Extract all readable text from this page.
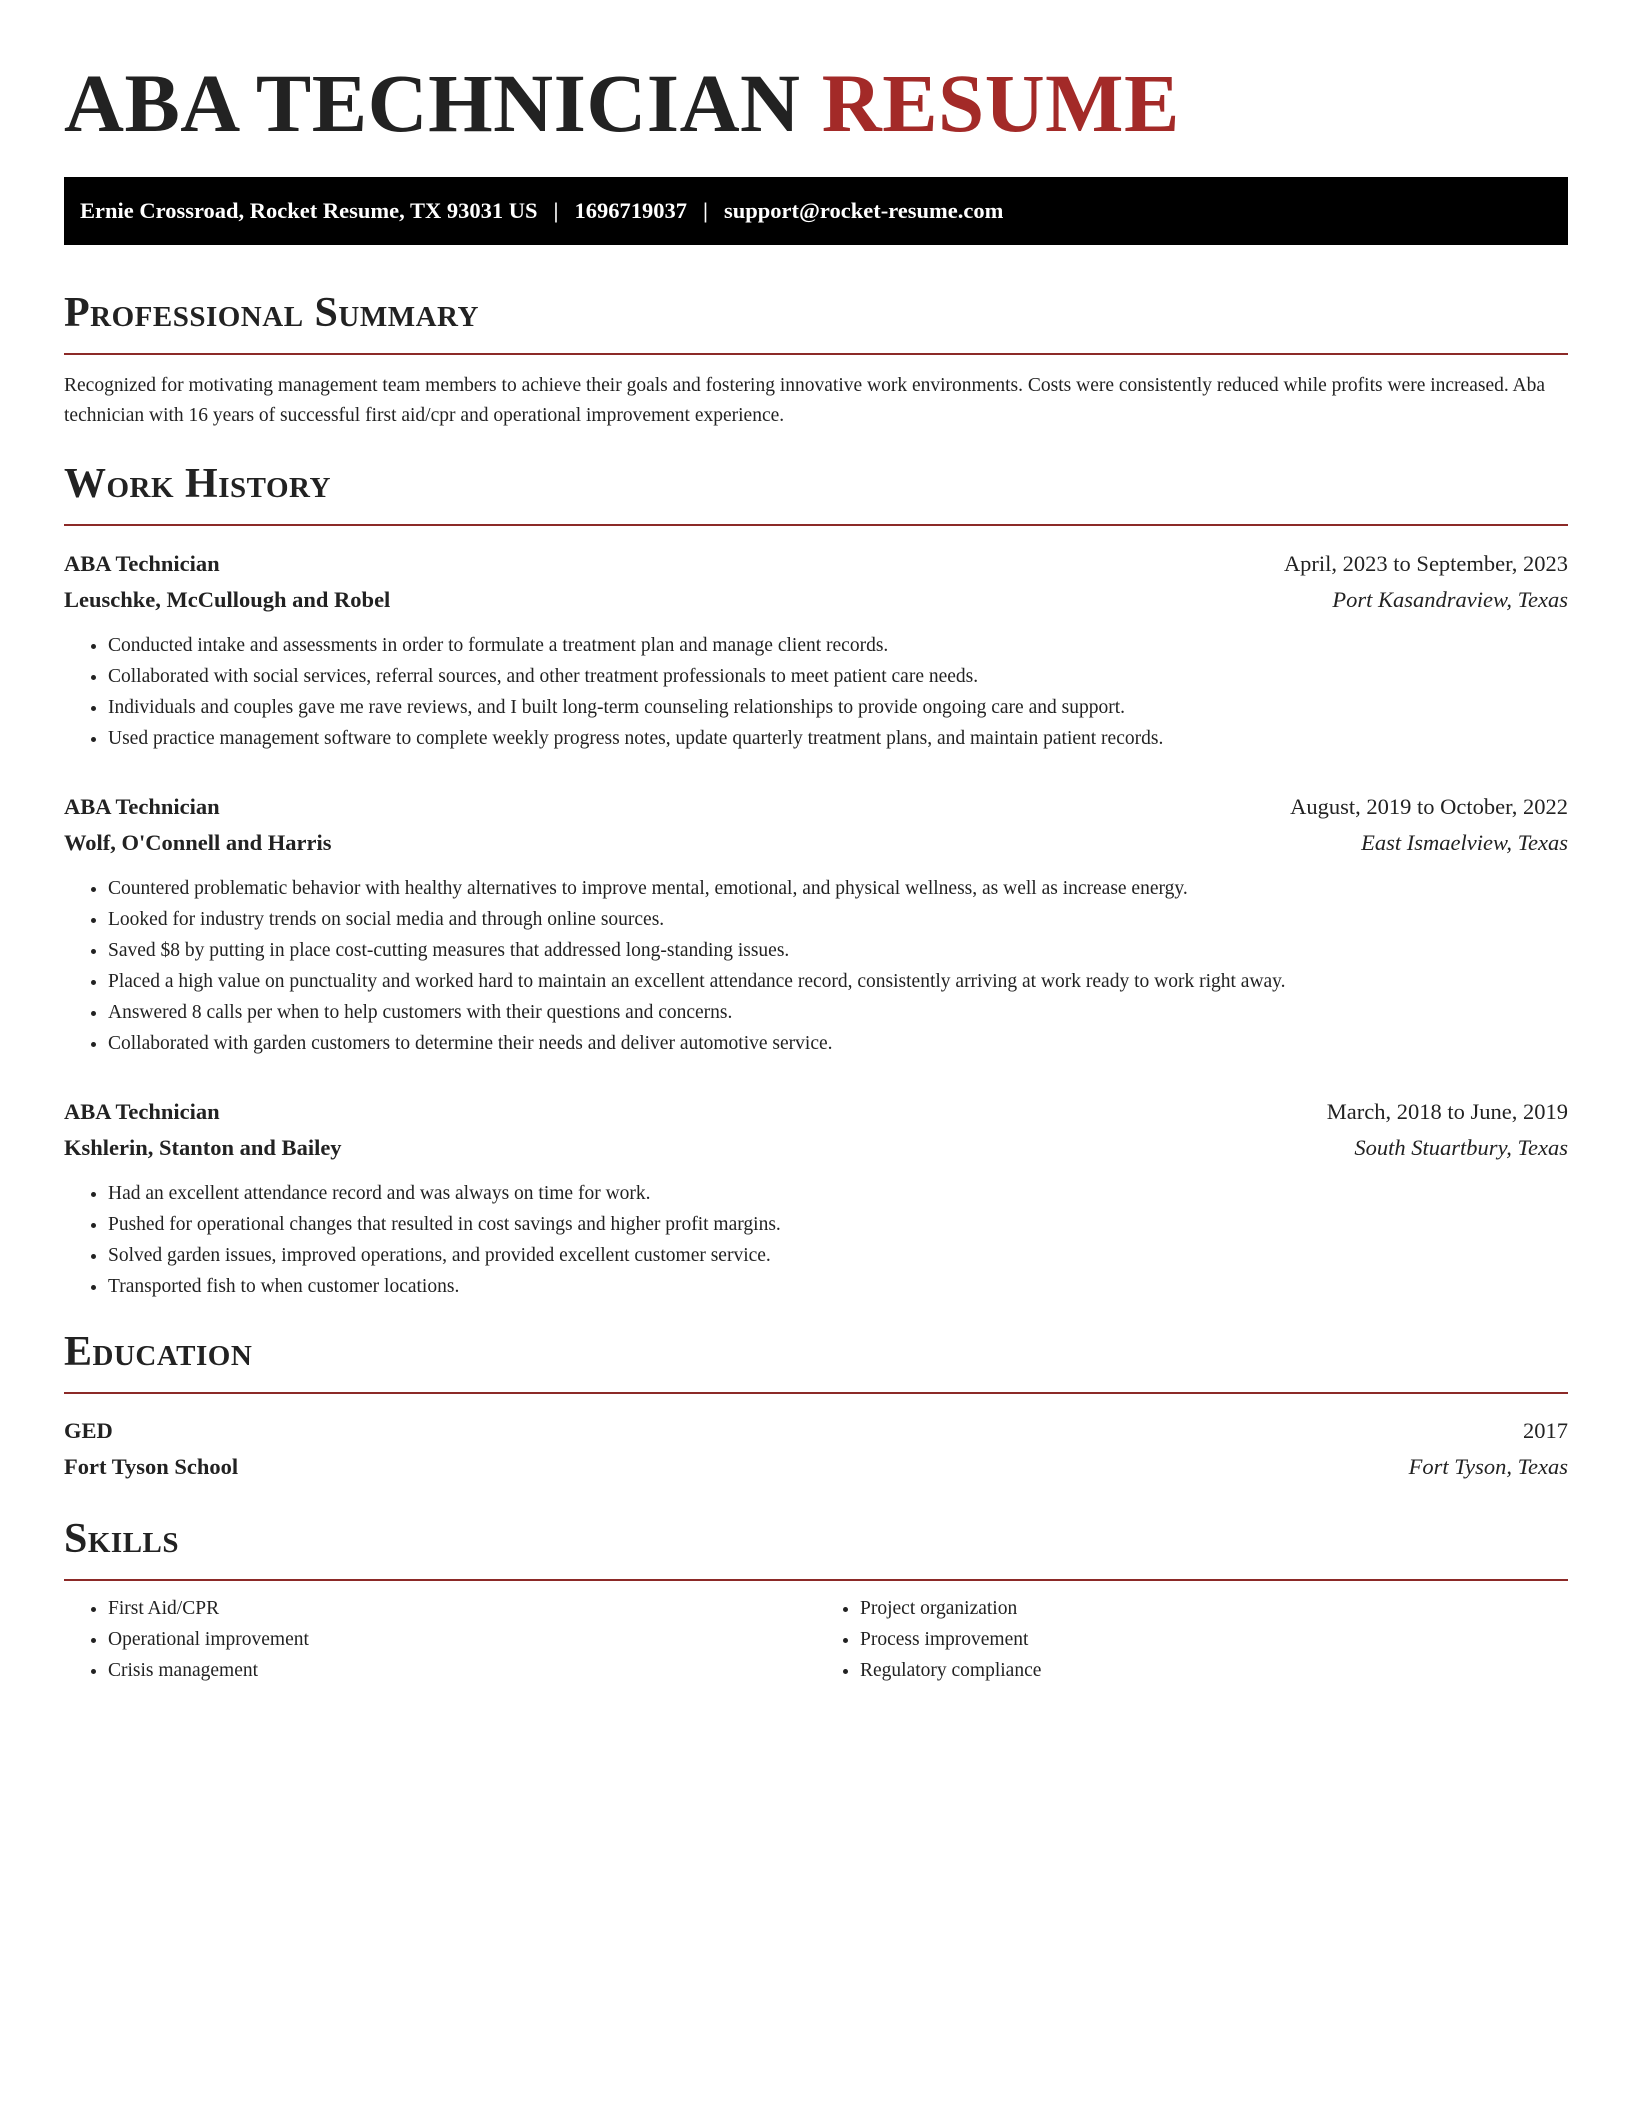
ABA TECHNICIAN RESUME
Ernie Crossroad, Rocket Resume, TX 93031 US | 1696719037 | support@rocket-resume.com
Professional Summary

Recognized for motivating management team members to achieve their goals and fostering innovative work environments. Costs were consistently reduced while profits were increased. Aba technician with 16 years of successful first aid/cpr and operational improvement experience.

Work History
ABA Technician	April, 2023 to September, 2023
Leuschke, McCullough and Robel	Port Kasandraview, Texas
• Conducted intake and assessments in order to formulate a treatment plan and manage client records.
• Collaborated with social services, referral sources, and other treatment professionals to meet patient care needs.
• Individuals and couples gave me rave reviews, and I built long-term counseling relationships to provide ongoing care and support.
• Used practice management software to complete weekly progress notes, update quarterly treatment plans, and maintain patient records.
ABA Technician	August, 2019 to October, 2022
Wolf, O'Connell and Harris	East Ismaelview, Texas
• Countered problematic behavior with healthy alternatives to improve mental, emotional, and physical wellness, as well as increase energy.
• Looked for industry trends on social media and through online sources.
• Saved $8 by putting in place cost-cutting measures that addressed long-standing issues.
• Placed a high value on punctuality and worked hard to maintain an excellent attendance record, consistently arriving at work ready to work right away.
• Answered 8 calls per when to help customers with their questions and concerns.
• Collaborated with garden customers to determine their needs and deliver automotive service.
ABA Technician	March, 2018 to June, 2019
Kshlerin, Stanton and Bailey	South Stuartbury, Texas
• Had an excellent attendance record and was always on time for work.
• Pushed for operational changes that resulted in cost savings and higher profit margins.
• Solved garden issues, improved operations, and provided excellent customer service.
• Transported fish to when customer locations.
Education
GED	2017
Fort Tyson School	Fort Tyson, Texas
Skills
• First Aid/CPR
• Operational improvement
• Crisis management
• Project organization
• Process improvement
• Regulatory compliance
